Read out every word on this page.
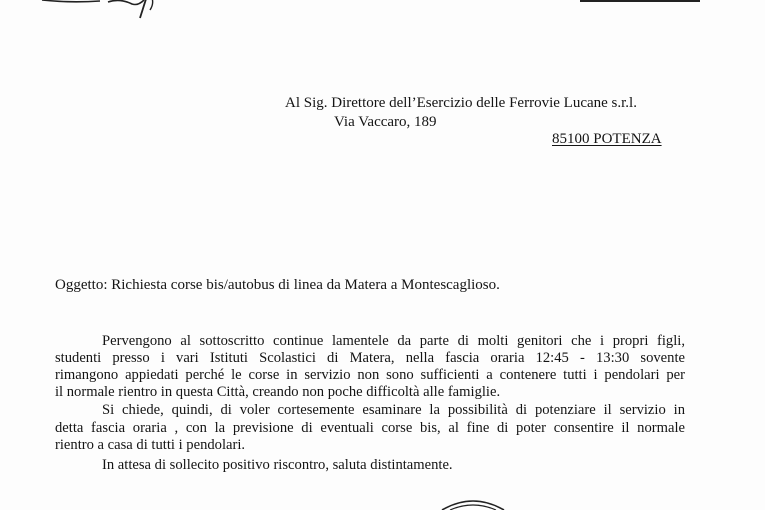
Al Sig. Direttore dell’Esercizio delle Ferrovie Lucane s.r.l.
Via Vaccaro, 189
85100 POTENZA
Oggetto: Richiesta corse bis/autobus di linea da Matera a Montescaglioso.
Pervengono al sottoscritto continue lamentele da parte di molti genitori che i propri figli,
studenti presso i vari Istituti Scolastici di Matera, nella fascia oraria 12:45 - 13:30 sovente
rimangono appiedati perché le corse in servizio non sono sufficienti a contenere tutti i pendolari per
il normale rientro in questa Città, creando non poche difficoltà alle famiglie.
Si chiede, quindi, di voler cortesemente esaminare la possibilità di potenziare il servizio in
detta fascia oraria , con la previsione di eventuali corse bis, al fine di poter consentire il normale
rientro a casa di tutti i pendolari.
In attesa di sollecito positivo riscontro, saluta distintamente.
